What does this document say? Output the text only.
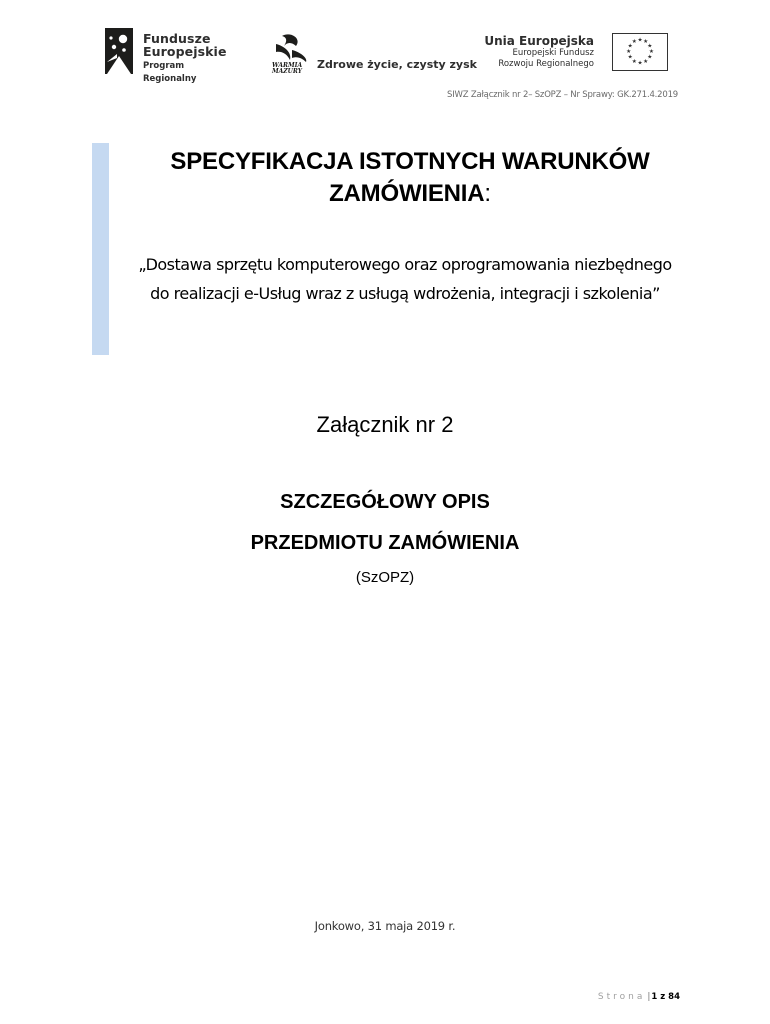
Fundusze
Europejskie
Program Regionalny
WARMIA
MAZURY
Zdrowe życie, czysty zysk
Unia Europejska
Europejski Fundusz
Rozwoju Regionalnego
★ ★
★
★
★
★
★
★
★
★
★
★
SIWZ Załącznik nr 2– SzOPZ – Nr Sprawy: GK.271.4.2019
SPECYFIKACJA ISTOTNYCH WARUNKÓW
ZAMÓWIENIA:
„Dostawa sprzętu komputerowego oraz oprogramowania niezbędnego do realizacji e-Usług wraz z usługą wdrożenia, integracji i szkolenia”
Załącznik nr 2
SZCZEGÓŁOWY OPIS
PRZEDMIOTU ZAMÓWIENIA
(SzOPZ)
Jonkowo, 31 maja 2019 r.
Strona |1 z 84
